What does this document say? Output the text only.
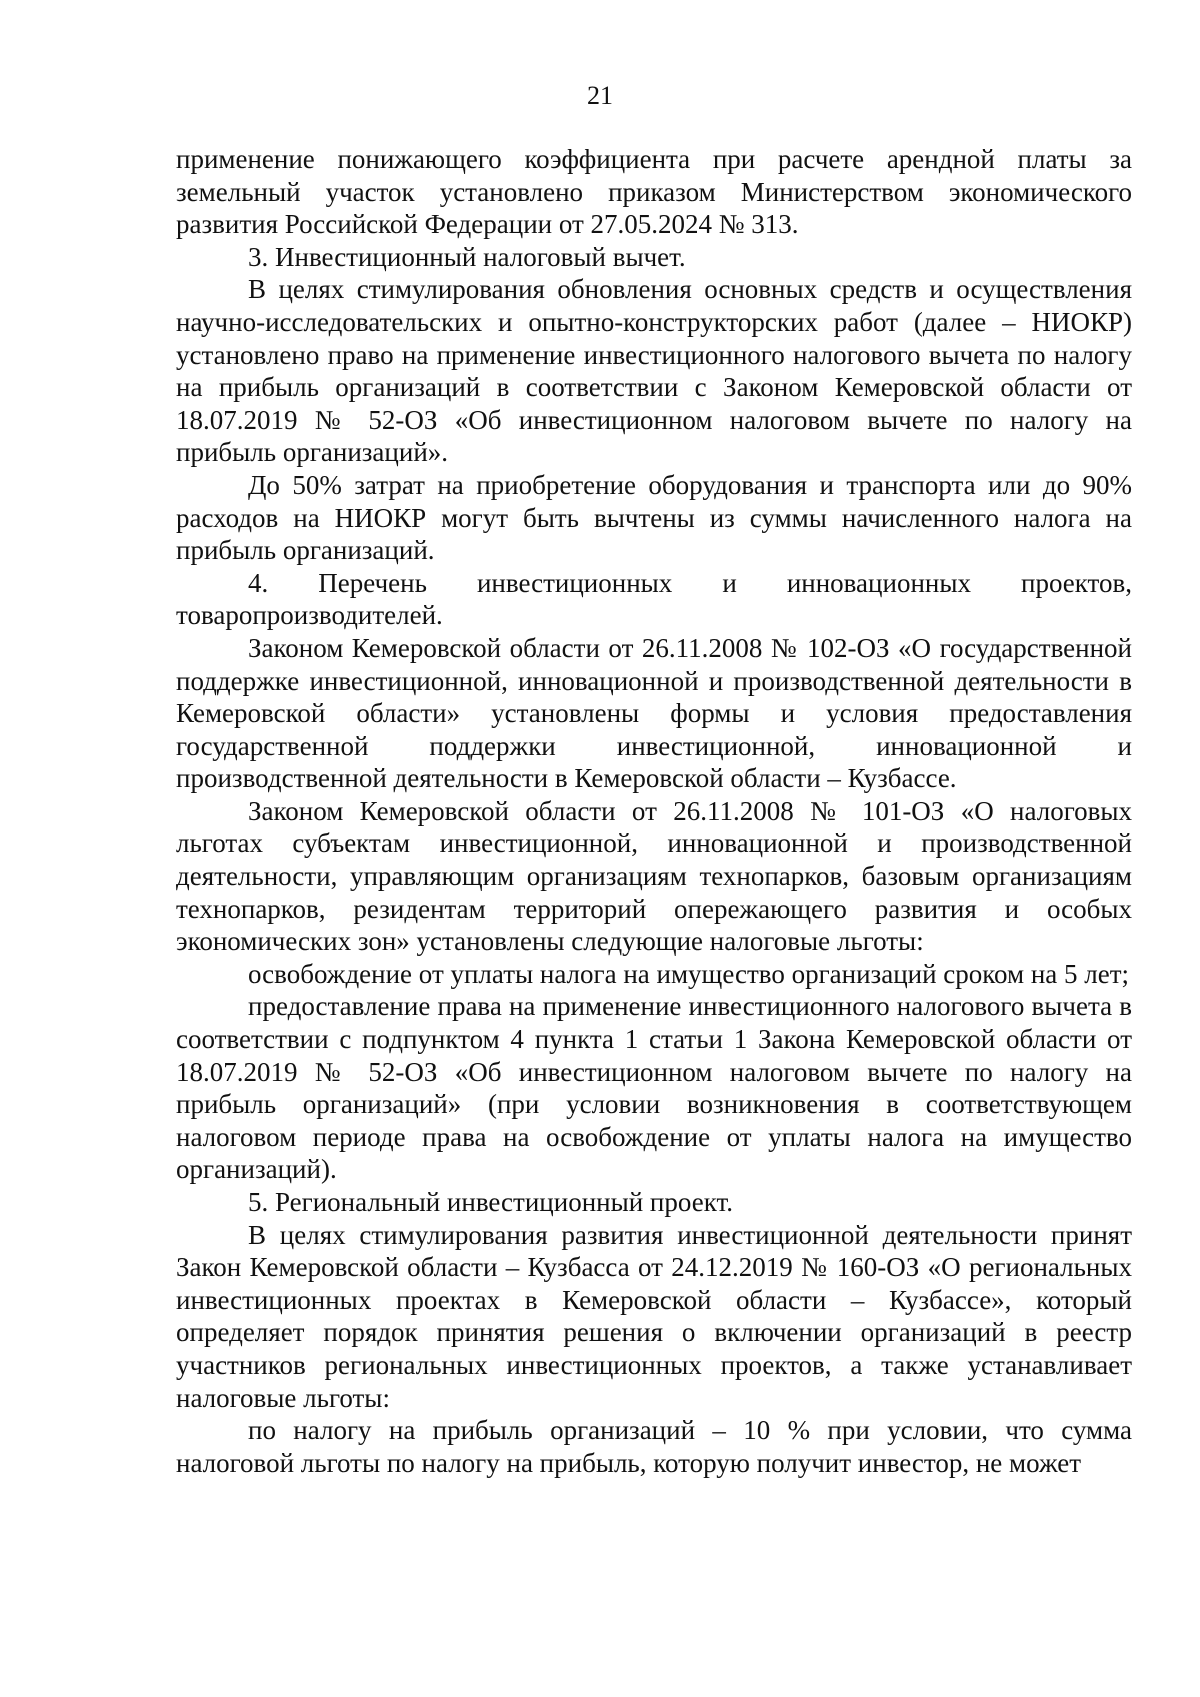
21

применение понижающего коэффициента при расчете арендной платы за земельный участок установлено приказом Министерством экономического развития Российской Федерации от 27.05.2024 № 313.

3. Инвестиционный налоговый вычет.

В целях стимулирования обновления основных средств и осуществления научно-исследовательских и опытно-конструкторских работ (далее – НИОКР) установлено право на применение инвестиционного налогового вычета по налогу на прибыль организаций в соответствии с Законом Кемеровской области от 18.07.2019 № 52-ОЗ «Об инвестиционном налоговом вычете по налогу на прибыль организаций».

До 50% затрат на приобретение оборудования и транспорта или до 90% расходов на НИОКР могут быть вычтены из суммы начисленного налога на прибыль организаций.

4. Перечень инвестиционных и инновационных проектов, товаропроизводителей.

Законом Кемеровской области от 26.11.2008 № 102-ОЗ «О государственной поддержке инвестиционной, инновационной и производственной деятельности в Кемеровской области» установлены формы и условия предоставления государственной поддержки инвестиционной, инновационной и производственной деятельности в Кемеровской области – Кузбассе.

Законом Кемеровской области от 26.11.2008 № 101-ОЗ «О налоговых льготах субъектам инвестиционной, инновационной и производственной деятельности, управляющим организациям технопарков, базовым организациям технопарков, резидентам территорий опережающего развития и особых экономических зон» установлены следующие налоговые льготы:

освобождение от уплаты налога на имущество организаций сроком на 5 лет;

предоставление права на применение инвестиционного налогового вычета в соответствии с подпунктом 4 пункта 1 статьи 1 Закона Кемеровской области от 18.07.2019 № 52-ОЗ «Об инвестиционном налоговом вычете по налогу на прибыль организаций» (при условии возникновения в соответствующем налоговом периоде права на освобождение от уплаты налога на имущество организаций).

5. Региональный инвестиционный проект.

В целях стимулирования развития инвестиционной деятельности принят Закон Кемеровской области – Кузбасса от 24.12.2019 № 160-ОЗ «О региональных инвестиционных проектах в Кемеровской области – Кузбассе», который определяет порядок принятия решения о включении организаций в реестр участников региональных инвестиционных проектов, а также устанавливает налоговые льготы:

по налогу на прибыль организаций – 10 % при условии, что сумма налоговой льготы по налогу на прибыль, которую получит инвестор, не может
